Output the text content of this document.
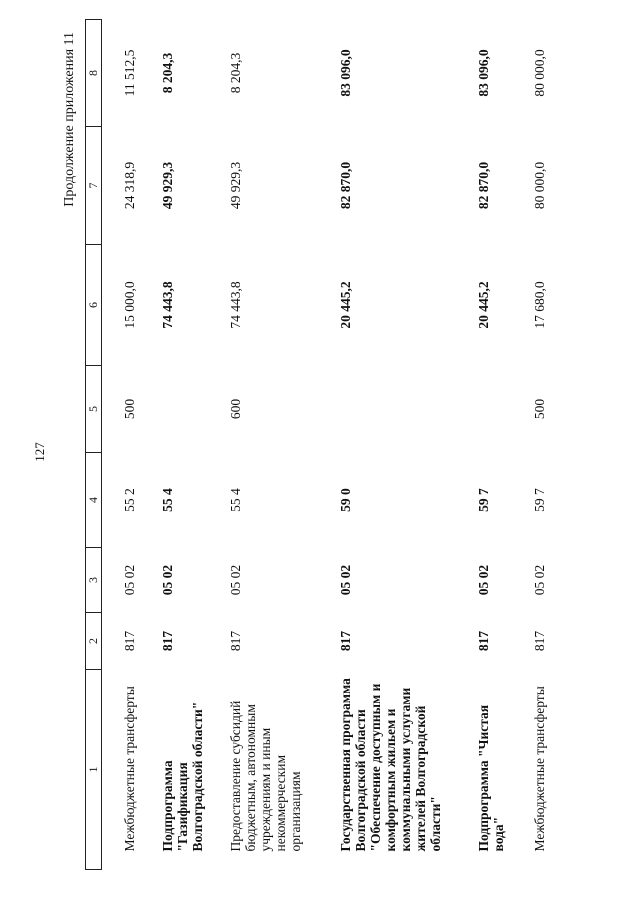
127
Продолжение приложения 11
1	2	3	4	5	6	7	8
Межбюджетные трансферты	817	05 02	55 2	500	15 000,0	24 318,9	11 512,5
Подпрограмма "Газификация Волгоградской области"	817	05 02	55 4		74 443,8	49 929,3	8 204,3
Предоставление субсидий бюджетным, автономным учреждениям и иным некоммерческим организациям	817	05 02	55 4	600	74 443,8	49 929,3	8 204,3
Государственная программа Волгоградской области "Обеспечение доступным и комфортным жильем и коммунальными услугами жителей Волгоградской области"	817	05 02	59 0		20 445,2	82 870,0	83 096,0
Подпрограмма "Чистая вода"	817	05 02	59 7		20 445,2	82 870,0	83 096,0
Межбюджетные трансферты	817	05 02	59 7	500	17 680,0	80 000,0	80 000,0
